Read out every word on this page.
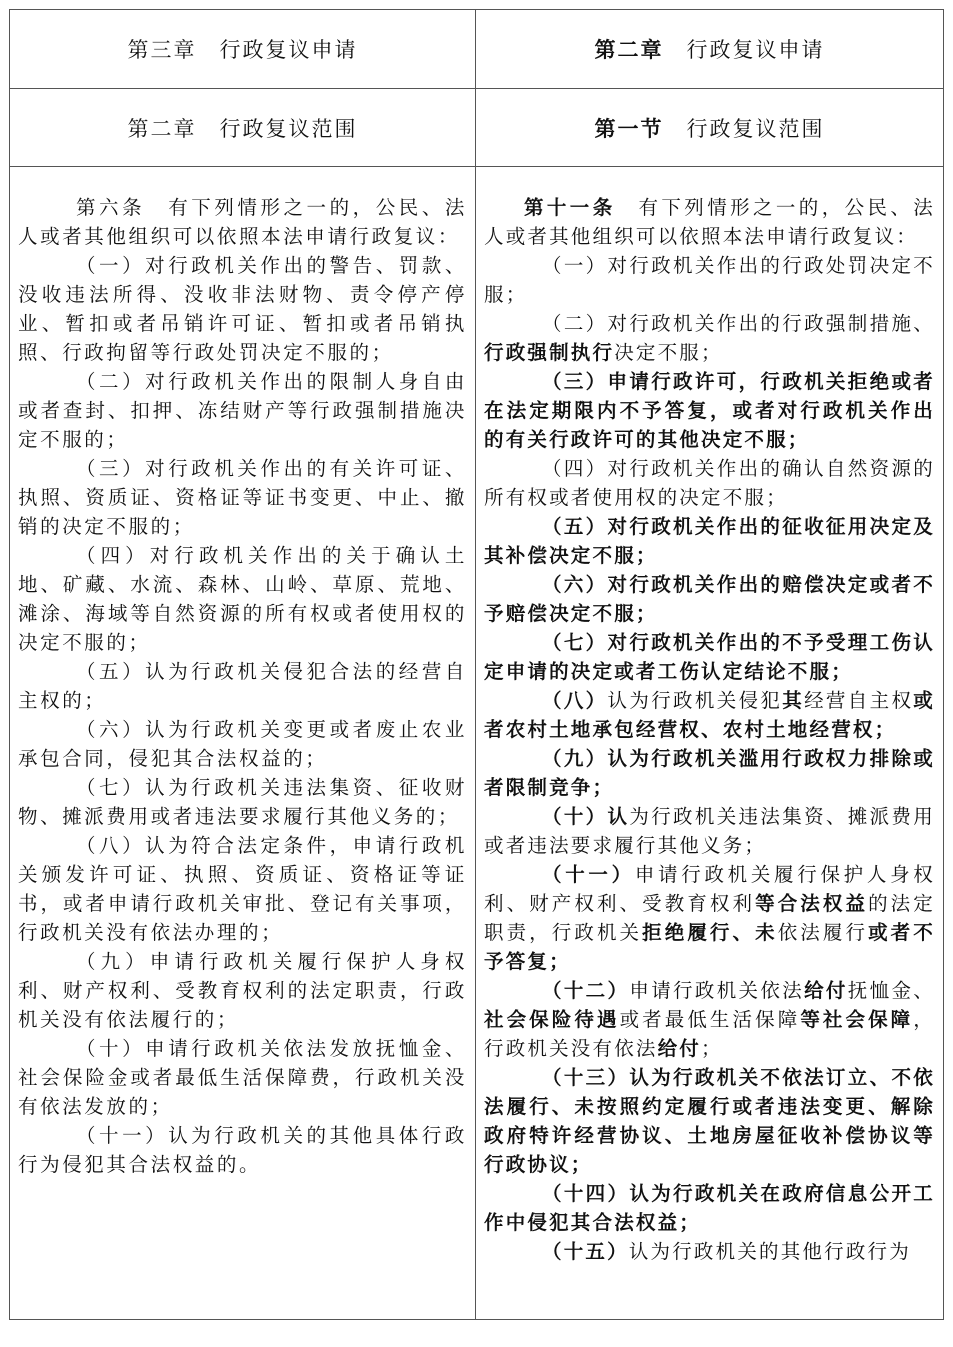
第三章　行政复议申请	第二章
　 行政复议申请
第二章　行政复议范围	第一节
　 行政复议范围

第六条　有下列情形之一的，公民、法人或者其他组织可以依照本法申请行政复议：

（一）对行政机关作出的警告、罚款、没收违法所得、没收非法财物、责令停产停业、暂扣或者吊销许可证、暂扣或者吊销执照、行政拘留等行政处罚决定不服的；

（二）对行政机关作出的限制人身自由或者查封、扣押、冻结财产等行政强制措施决定不服的；

（三）对行政机关作出的有关许可证、执照、资质证、资格证等证书变更、中止、撤销的决定不服的；

（四）对行政机关作出的关于确认土地、矿藏、水流、森林、山岭、草原、荒地、滩涂、海域等自然资源的所有权或者使用权的决定不服的；

（五）认为行政机关侵犯合法的经营自主权的；

（六）认为行政机关变更或者废止农业承包合同，侵犯其合法权益的；

（七）认为行政机关违法集资、征收财物、摊派费用或者违法要求履行其他义务的；

（八）认为符合法定条件，申请行政机关颁发许可证、执照、资质证、资格证等证书，或者申请行政机关审批、登记有关事项，行政机关没有依法办理的；

（九）申请行政机关履行保护人身权利、财产权利、受教育权利的法定职责，行政机关没有依法履行的；

（十）申请行政机关依法发放抚恤金、社会保险金或者最低生活保障费，行政机关没有依法发放的；

（十一）认为行政机关的其他具体行政行为侵犯其合法权益的。

第十一条　有下列情形之一的，公民、法人或者其他组织可以依照本法申请行政复议：

（一）对行政机关作出的行政处罚决定不服；

（二）对行政机关作出的行政强制措施、行政强制执行决定不服；

（三）申请行政许可，行政机关拒绝或者在法定期限内不予答复，或者对行政机关作出的有关行政许可的其他决定不服；

（四）对行政机关作出的确认自然资源的所有权或者使用权的决定不服；

（五）对行政机关作出的征收征用决定及其补偿决定不服；

（六）对行政机关作出的赔偿决定或者不予赔偿决定不服；

（七）对行政机关作出的不予受理工伤认定申请的决定或者工伤认定结论不服；

（八）认为行政机关侵犯其经营自主权或者农村土地承包经营权、农村土地经营权；

（九）认为行政机关滥用行政权力排除或者限制竞争；

（十）认为行政机关违法集资、摊派费用或者违法要求履行其他义务；

（十一）申请行政机关履行保护人身权利、财产权利、受教育权利等合法权益的法定职责，行政机关拒绝履行、未依法履行或者不予答复；

（十二）申请行政机关依法给付抚恤金、社会保险待遇或者最低生活保障等社会保障，行政机关没有依法给付；

（十三）认为行政机关不依法订立、不依法履行、未按照约定履行或者违法变更、解除政府特许经营协议、土地房屋征收补偿协议等行政协议；

（十四）认为行政机关在政府信息公开工作中侵犯其合法权益；

（十五）认为行政机关的其他行政行为
